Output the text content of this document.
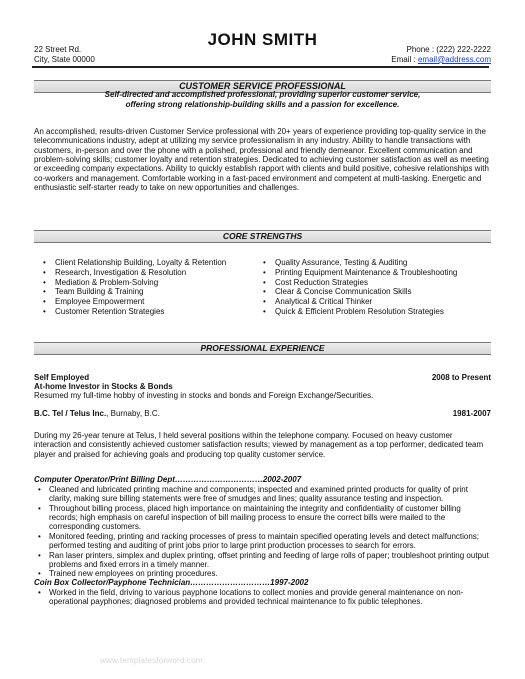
JOHN SMITH
22 Street Rd.
City, State 00000
Phone : (222) 222-2222
Email : email@address.com
CUSTOMER SERVICE PROFESSIONAL
Self-directed and accomplished professional, providing superior customer service,
offering strong relationship-building skills and a passion for excellence.
An accomplished, results-driven Customer Service professional with 20+ years of experience providing top-quality service in the telecommunications industry, adept at utilizing my service professionalism in any industry. Ability to handle transactions with customers, in-person and over the phone with a polished, professional and friendly demeanor. Excellent communication and problem-solving skills; customer loyalty and retention strategies. Dedicated to achieving customer satisfaction as well as meeting or exceeding company expectations. Ability to quickly establish rapport with clients and build positive, cohesive relationships with co-workers and management. Comfortable working in a fast-paced environment and competent at multi-tasking. Energetic and enthusiastic self-starter ready to take on new opportunities and challenges.
CORE STRENGTHS
• Client Relationship Building, Loyalty & Retention
• Research, Investigation & Resolution
• Mediation & Problem-Solving
• Team Building & Training
• Employee Empowerment
• Customer Retention Strategies
• Quality Assurance, Testing & Auditing
• Printing Equipment Maintenance & Troubleshooting
• Cost Reduction Strategies
• Clear & Concise Communication Skills
• Analytical & Critical Thinker
• Quick & Efficient Problem Resolution Strategies
PROFESSIONAL EXPERIENCE
Self Employed	2008 to Present
At-home Investor in Stocks & Bonds
Resumed my full-time hobby of investing in stocks and bonds and Foreign Exchange/Securities.
B.C. Tel / Telus Inc., Burnaby, B.C.	1981-2007
During my 26-year tenure at Telus, I held several positions within the telephone company. Focused on heavy customer interaction and consistently achieved customer satisfaction results; viewed by management as a top performer, dedicated team player and praised for achieving goals and producing top quality customer service.
Computer Operator/Print Billing Dept……………………………2002-2007
• Cleaned and lubricated printing machine and components; inspected and examined printed products for quality of print clarity, making sure billing statements were free of smudges and lines; quality assurance testing and inspection.
• Throughout billing process, placed high importance on maintaining the integrity and confidentiality of customer billing records; high emphasis on careful inspection of bill mailing process to ensure the correct bills were mailed to the corresponding customers.
• Monitored feeding, printing and racking processes of press to maintain specified operating levels and detect malfunctions; performed testing and auditing of print jobs prior to large print production processes to search for errors.
• Ran laser printers, simplex and duplex printing, offset printing and feeding of large rolls of paper; troubleshoot printing output problems and fixed errors in a timely manner.
• Trained new employees on printing procedures.
Coin Box Collector/Payphone Technician…………………………1997-2002
• Worked in the field, driving to various payphone locations to collect monies and provide general maintenance on non-operational payphones; diagnosed problems and provided technical maintenance to fix public telephones.
www.templatesforword.com
